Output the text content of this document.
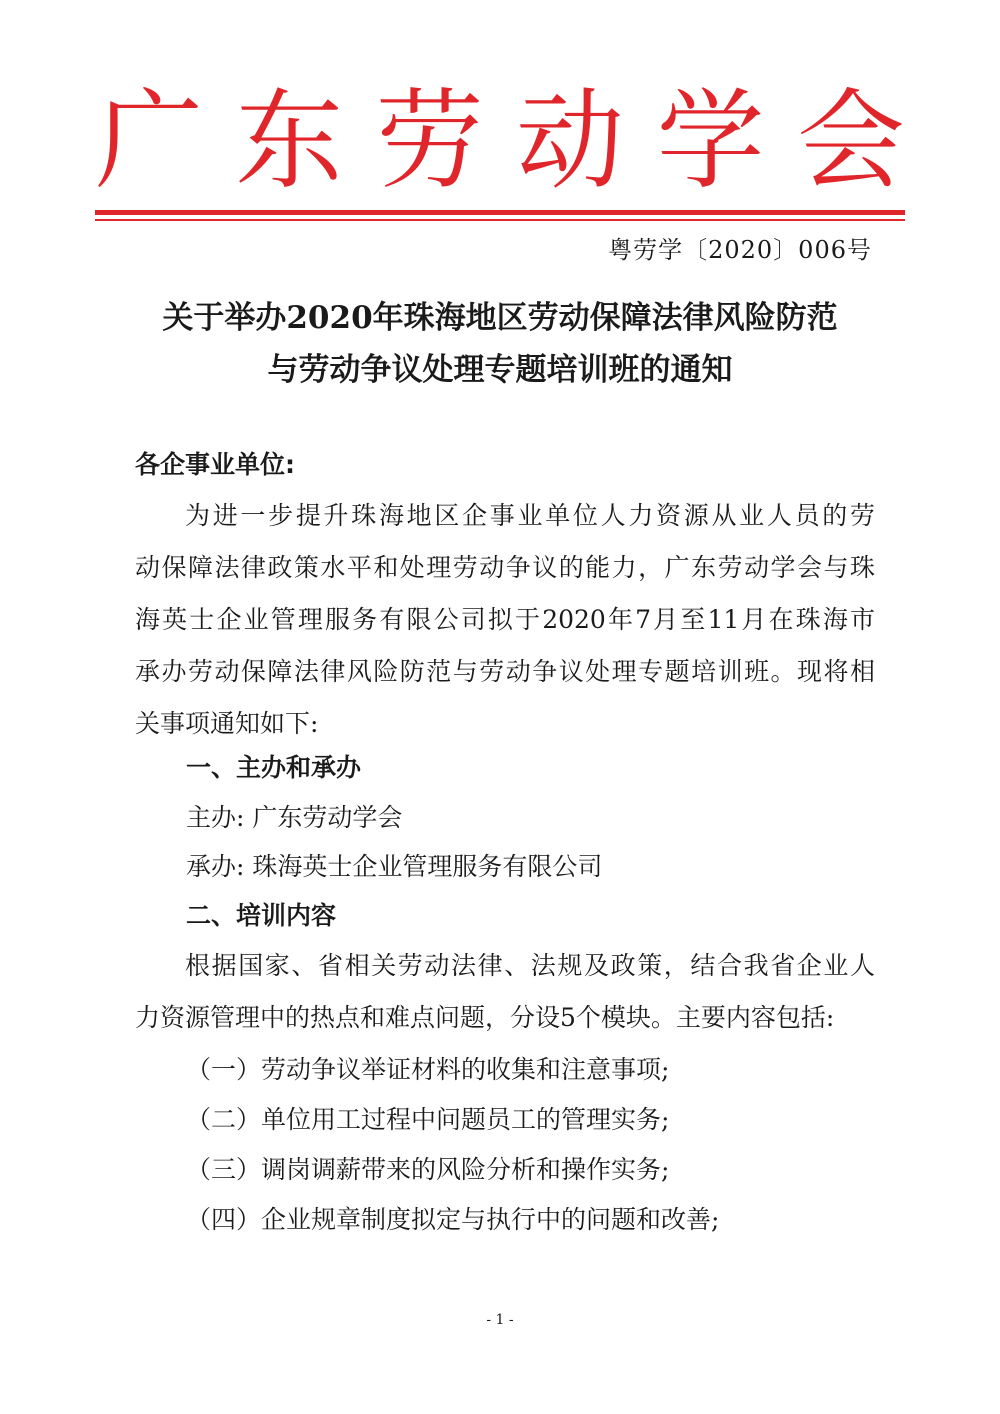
广 东 劳 动 学 会
粤劳学〔2020〕006号
关于举办2020年珠海地区劳动保障法律风险防范
与劳动争议处理专题培训班的通知
各企事业单位:
为进一步提升珠海地区企事业单位人力资源从业人员的劳
动保障法律政策水平和处理劳动争议的能力，广东劳动学会与珠
海英士企业管理服务有限公司拟于2020年7月至11月在珠海市
承办劳动保障法律风险防范与劳动争议处理专题培训班。现将相
关事项通知如下:
一、主办和承办
主办: 广东劳动学会
承办: 珠海英士企业管理服务有限公司
二、培训内容
根据国家、省相关劳动法律、法规及政策，结合我省企业人
力资源管理中的热点和难点问题，分设5个模块。主要内容包括:
（一）劳动争议举证材料的收集和注意事项;
（二）单位用工过程中问题员工的管理实务;
（三）调岗调薪带来的风险分析和操作实务;
（四）企业规章制度拟定与执行中的问题和改善;
- 1 -
